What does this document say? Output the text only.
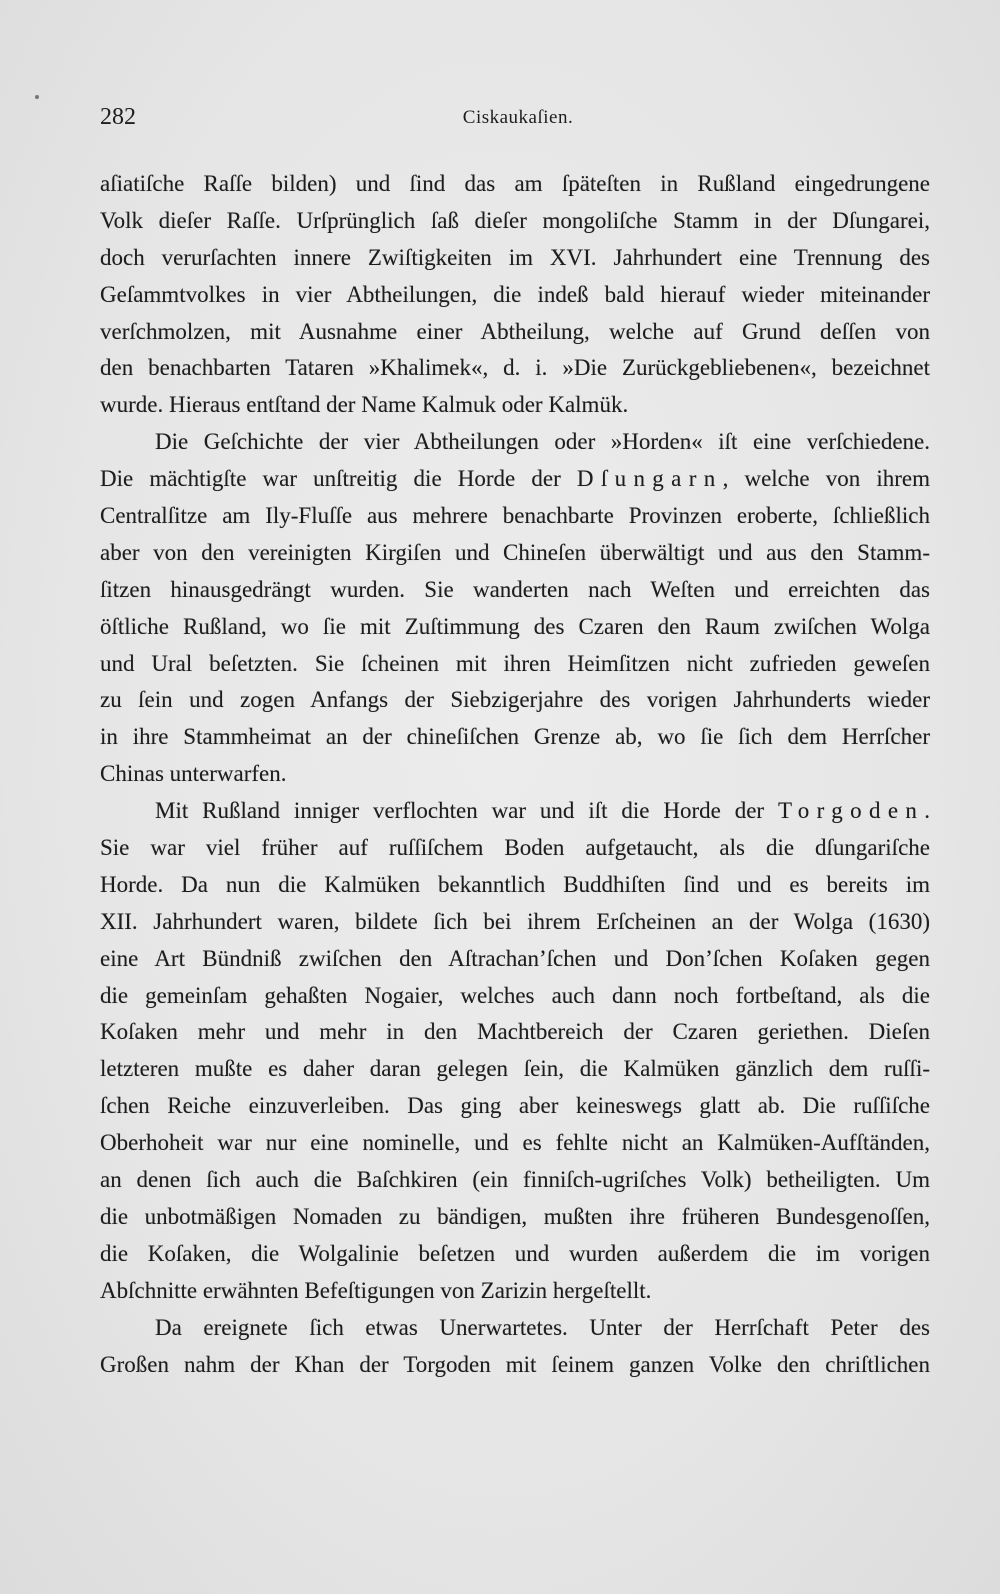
282	Ciskaukaſien.
aſiatiſche Raſſe bilden) und ſind das am ſpäteſten in Rußland eingedrungene
Volk dieſer Raſſe. Urſprünglich ſaß dieſer mongoliſche Stamm in der Dſungarei,
doch verurſachten innere Zwiſtigkeiten im XVI. Jahrhundert eine Trennung des
Geſammtvolkes in vier Abtheilungen, die indeß bald hierauf wieder miteinander
verſchmolzen, mit Ausnahme einer Abtheilung, welche auf Grund deſſen von
den benachbarten Tataren »Khalimek«, d. i. »Die Zurückgebliebenen«, bezeichnet
wurde. Hieraus entſtand der Name Kalmuk oder Kalmük.
Die Geſchichte der vier Abtheilungen oder »Horden« iſt eine verſchiedene.
Die mächtigſte war unſtreitig die Horde der Dſungarn, welche von ihrem
Centralſitze am Ily-Fluſſe aus mehrere benachbarte Provinzen eroberte, ſchließlich
aber von den vereinigten Kirgiſen und Chineſen überwältigt und aus den Stamm-
ſitzen hinausgedrängt wurden. Sie wanderten nach Weſten und erreichten das
öſtliche Rußland, wo ſie mit Zuſtimmung des Czaren den Raum zwiſchen Wolga
und Ural beſetzten. Sie ſcheinen mit ihren Heimſitzen nicht zufrieden geweſen
zu ſein und zogen Anfangs der Siebzigerjahre des vorigen Jahrhunderts wieder
in ihre Stammheimat an der chineſiſchen Grenze ab, wo ſie ſich dem Herrſcher
Chinas unterwarfen.
Mit Rußland inniger verflochten war und iſt die Horde der Torgoden.
Sie war viel früher auf ruſſiſchem Boden aufgetaucht, als die dſungariſche
Horde. Da nun die Kalmüken bekanntlich Buddhiſten ſind und es bereits im
XII. Jahrhundert waren, bildete ſich bei ihrem Erſcheinen an der Wolga (1630)
eine Art Bündniß zwiſchen den Aſtrachan’ſchen und Don’ſchen Koſaken gegen
die gemeinſam gehaßten Nogaier, welches auch dann noch fortbeſtand, als die
Koſaken mehr und mehr in den Machtbereich der Czaren geriethen. Dieſen
letzteren mußte es daher daran gelegen ſein, die Kalmüken gänzlich dem ruſſi-
ſchen Reiche einzuverleiben. Das ging aber keineswegs glatt ab. Die ruſſiſche
Oberhoheit war nur eine nominelle, und es fehlte nicht an Kalmüken-Aufſtänden,
an denen ſich auch die Baſchkiren (ein finniſch-ugriſches Volk) betheiligten. Um
die unbotmäßigen Nomaden zu bändigen, mußten ihre früheren Bundesgenoſſen,
die Koſaken, die Wolgalinie beſetzen und wurden außerdem die im vorigen
Abſchnitte erwähnten Befeſtigungen von Zarizin hergeſtellt.
Da ereignete ſich etwas Unerwartetes. Unter der Herrſchaft Peter des
Großen nahm der Khan der Torgoden mit ſeinem ganzen Volke den chriſtlichen
